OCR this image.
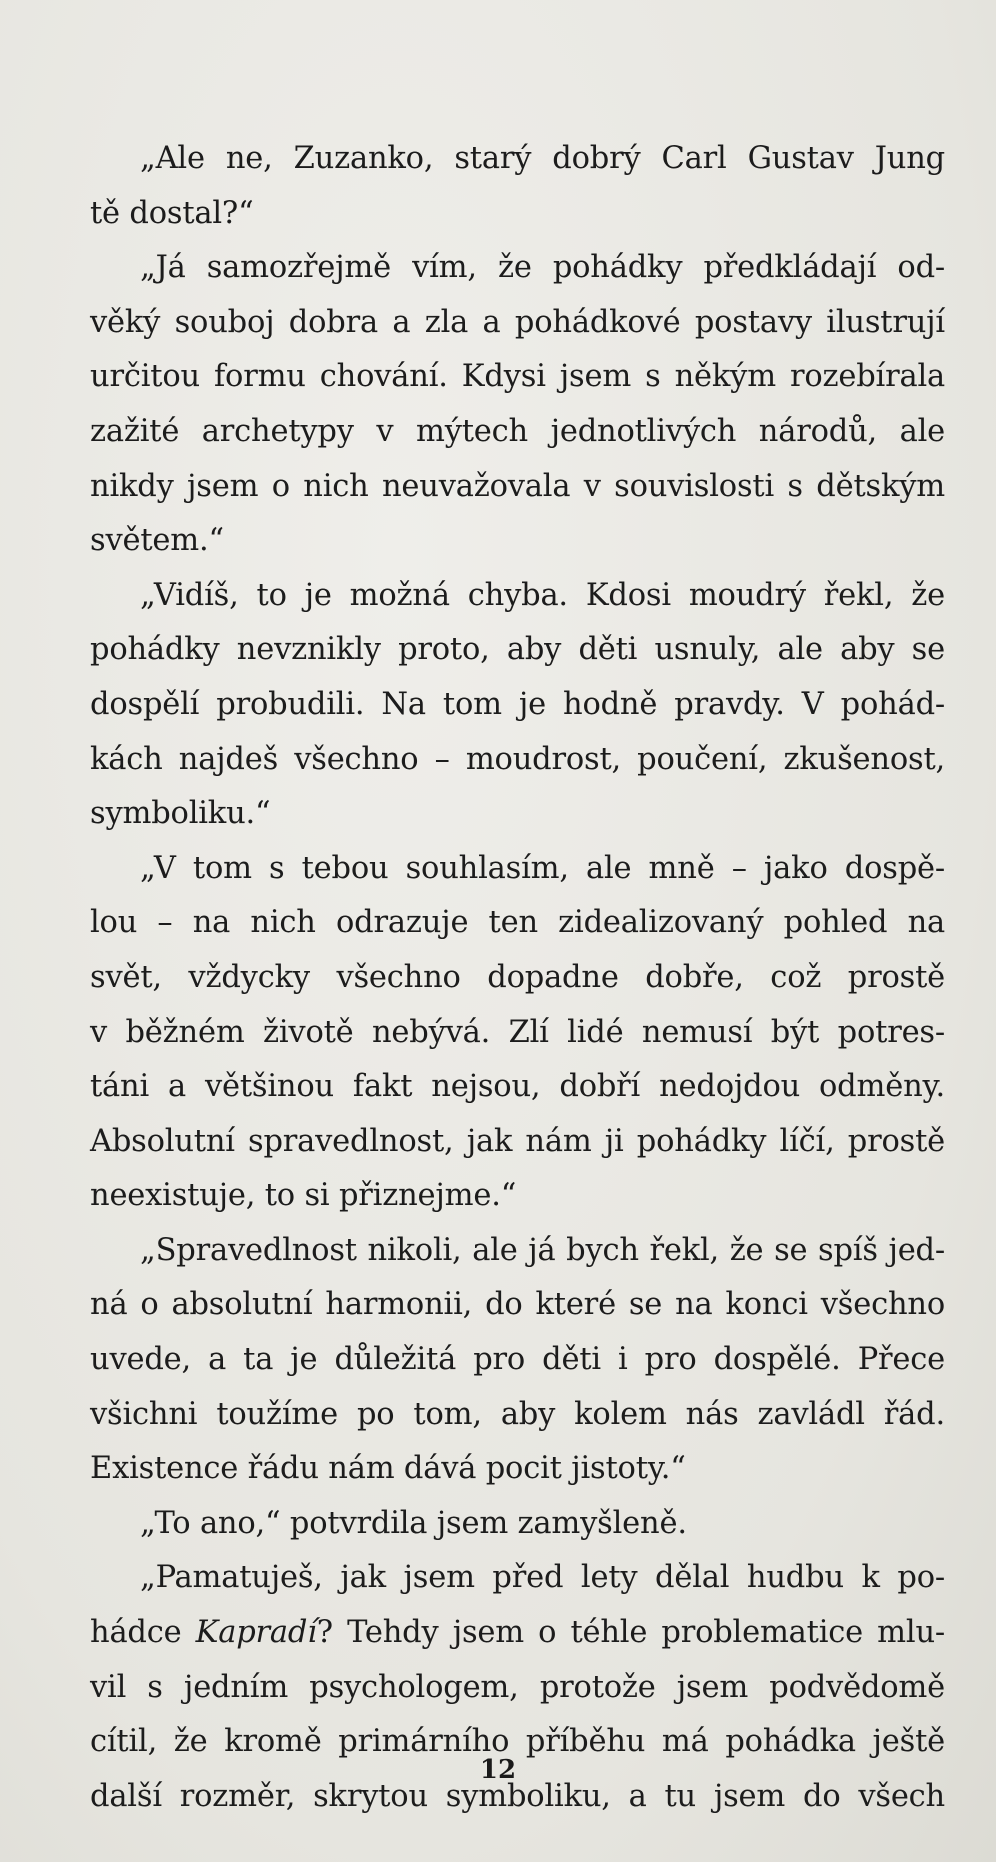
„Ale ne, Zuzanko, starý dobrý Carl Gustav Jung
tě dostal?“
„Já samozřejmě vím, že pohádky předkládají od-
věký souboj dobra a zla a pohádkové postavy ilustrují
určitou formu chování. Kdysi jsem s někým rozebírala
zažité archetypy v mýtech jednotlivých národů, ale
nikdy jsem o nich neuvažovala v souvislosti s dětským
světem.“
„Vidíš, to je možná chyba. Kdosi moudrý řekl, že
pohádky nevznikly proto, aby děti usnuly, ale aby se
dospělí probudili. Na tom je hodně pravdy. V pohád-
kách najdeš všechno – moudrost, poučení, zkušenost,
symboliku.“
„V tom s tebou souhlasím, ale mně – jako dospě-
lou – na nich odrazuje ten zidealizovaný pohled na
svět, vždycky všechno dopadne dobře, což prostě
v běžném životě nebývá. Zlí lidé nemusí být potres-
táni a většinou fakt nejsou, dobří nedojdou odměny.
Absolutní spravedlnost, jak nám ji pohádky líčí, prostě
neexistuje, to si přiznejme.“
„Spravedlnost nikoli, ale já bych řekl, že se spíš jed-
ná o absolutní harmonii, do které se na konci všechno
uvede, a ta je důležitá pro děti i pro dospělé. Přece
všichni toužíme po tom, aby kolem nás zavládl řád.
Existence řádu nám dává pocit jistoty.“
„To ano,“ potvrdila jsem zamyšleně.
„Pamatuješ, jak jsem před lety dělal hudbu k po-
hádce Kapradí? Tehdy jsem o téhle problematice mlu-
vil s jedním psychologem, protože jsem podvědomě
cítil, že kromě primárního příběhu má pohádka ještě
další rozměr, skrytou symboliku, a tu jsem do všech
12
